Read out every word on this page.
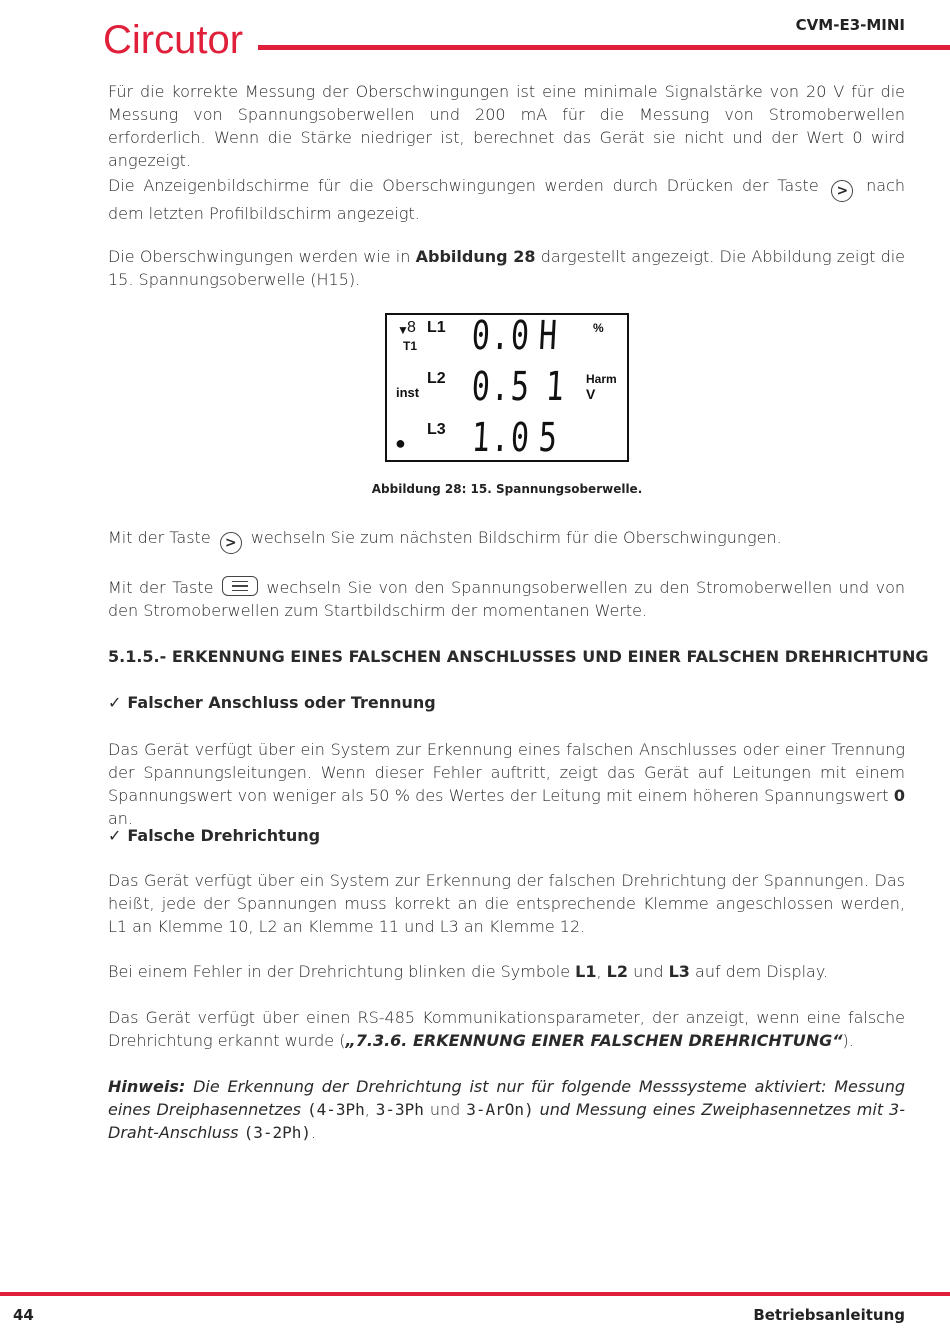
Circutor	CVM-E3-MINI
Für die korrekte Messung der Oberschwingungen ist eine minimale Signalstärke von 20 V für die Messung von Spannungsoberwellen und 200 mA für die Messung von Stromoberwellen erforderlich. Wenn die Stärke niedriger ist, berechnet das Gerät sie nicht und der Wert 0 wird angezeigt.
Die Anzeigenbildschirme für die Oberschwingungen werden durch Drücken der Taste > nach dem letzten Profilbildschirm angezeigt.
Die Oberschwingungen werden wie in Abbildung 28 dargestellt angezeigt. Die Abbildung zeigt die 15. Spannungsoberwelle (H15).
▼
8
T1
L1
L2
L3
inst
●
0.0
0.5
1.0
H
1
5
%
Harm
V
Abbildung 28: 15. Spannungsoberwelle.
Mit der Taste > wechseln Sie zum nächsten Bildschirm für die Oberschwingungen.
Mit der Taste	wechseln Sie von den Spannungsoberwellen zu den Stromoberwellen und von den Stromoberwellen zum Startbildschirm der momentanen Werte.
5.1.5.- ERKENNUNG EINES FALSCHEN ANSCHLUSSES UND EINER FALSCHEN DREHRICHTUNG
✓ Falscher Anschluss oder Trennung
Das Gerät verfügt über ein System zur Erkennung eines falschen Anschlusses oder einer Trennung der Spannungsleitungen. Wenn dieser Fehler auftritt, zeigt das Gerät auf Leitungen mit einem Spannungswert von weniger als 50 % des Wertes der Leitung mit einem höheren Spannungswert 0 an.
✓ Falsche Drehrichtung
Das Gerät verfügt über ein System zur Erkennung der falschen Drehrichtung der Spannungen. Das heißt, jede der Spannungen muss korrekt an die entsprechende Klemme angeschlossen werden, L1 an Klemme 10, L2 an Klemme 11 und L3 an Klemme 12.
Bei einem Fehler in der Drehrichtung blinken die Symbole L1, L2 und L3 auf dem Display.
Das Gerät verfügt über einen RS-485 Kommunikationsparameter, der anzeigt, wenn eine falsche Drehrichtung erkannt wurde („7.3.6. ERKENNUNG EINER FALSCHEN DREHRICHTUNG“).
Hinweis: Die Erkennung der Drehrichtung ist nur für folgende Messsysteme aktiviert: Messung eines Dreiphasennetzes (4-3Ph, 3-3Ph und 3-ArOn) und Messung eines Zweiphasennetzes mit 3-Draht-Anschluss (3-2Ph).
44	Betriebsanleitung
